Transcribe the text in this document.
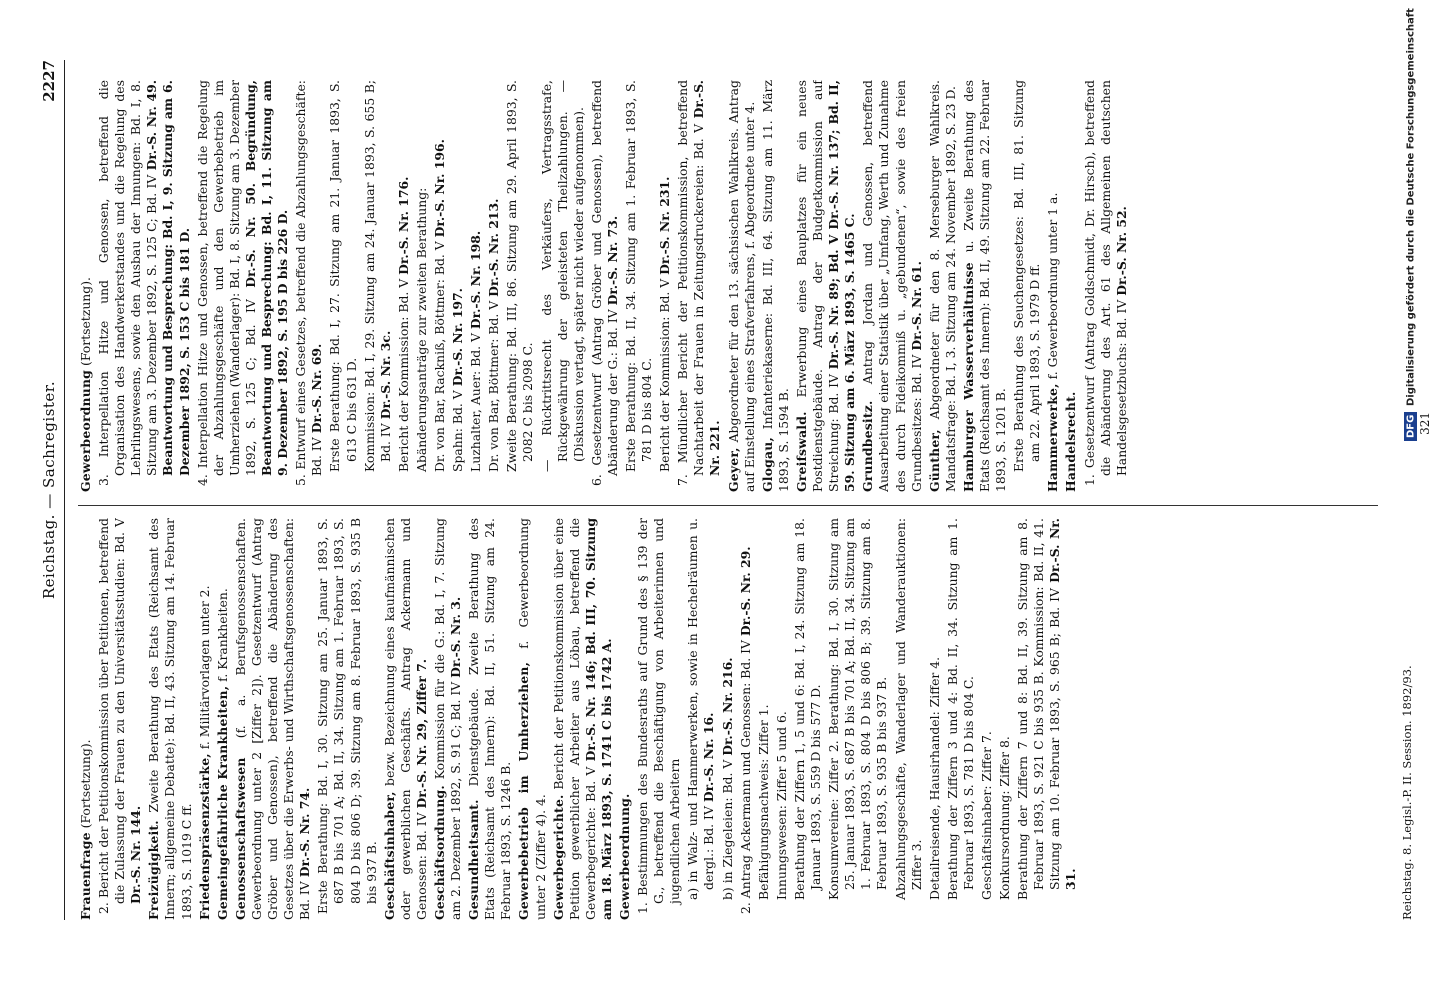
Reichstag. — Sachregister.
2227

Frauenfrage (Fortsetzung). 2. Bericht der Petitionskommission über Petitionen, betreffend die Zulassung der Frauen zu den Universitätsstudien: Bd. V Dr.-S. Nr. 144. Freizügigkeit. Zweite Berathung des Etats (Reichsamt des Innern; allgemeine Debatte): Bd. II, 43. Sitzung am 14. Februar 1893, S. 1019 C ff. Friedenspräsenzstärke, f. Militärvorlagen unter 2.

Gemeingefährliche Krankheiten, f. Krankheiten.

Genossenschaftswesen (f. a. Berufsgenossenschaften. Gewerbeordnung unter 2 [Ziffer 2]). Gesetzentwurf (Antrag Gröber und Genossen), betreffend die Abänderung des Gesetzes über die Erwerbs- und Wirthschaftsgenossenschaften: Bd. IV Dr.-S. Nr. 74. Erste Berathung: Bd. I, 30. Sitzung am 25. Januar 1893, S. 687 B bis 701 A; Bd. II, 34. Sitzung am 1. Februar 1893, S. 804 D bis 806 D; 39. Sitzung am 8. Februar 1893, S. 935 B bis 937 B. Geschäftsinhaber, bezw. Bezeichnung eines kaufmännischen oder gewerblichen Geschäfts. Antrag Ackermann und Genossen: Bd. IV Dr.-S. Nr. 29, Ziffer 7.

Geschäftsordnung. Kommission für die G.: Bd. I, 7. Sitzung am 2. Dezember 1892, S. 91 C; Bd. IV Dr.-S. Nr. 3.

Gesundheitsamt. Dienstgebäude. Zweite Berathung des Etats (Reichsamt des Innern): Bd. II, 51. Sitzung am 24. Februar 1893, S. 1246 B. Gewerbebetrieb im Umherziehen, f. Gewerbeordnung unter 2 (Ziffer 4). 4. Gewerbegerichte. Bericht der Petitionskommission über eine Petition gewerblicher Arbeiter aus Löbau, betreffend die Gewerbegerichte: Bd. V Dr.-S. Nr. 146; Bd. III, 70. Sitzung am 18. März 1893, S. 1741 C bis 1742 A. Gewerbeordnung. 1. Bestimmungen des Bundesraths auf Grund des § 139 der G., betreffend die Beschäftigung von Arbeiterinnen und jugendlichen Arbeitern a) in Walz- und Hammerwerken, sowie in Hechelräumen u. dergl.: Bd. IV Dr.-S. Nr. 16.

b) in Ziegeleien: Bd. V Dr.-S. Nr. 216. 2. Antrag Ackermann und Genossen: Bd. IV Dr.-S. Nr. 29.

Befähigungsnachweis: Ziffer 1. Innungswesen: Ziffer 5 und 6. Berathung der Ziffern 1, 5 und 6: Bd. I, 24. Sitzung am 18. Januar 1893, S. 559 D bis 577 D. Konsumvereine: Ziffer 2. Berathung: Bd. I, 30. Sitzung am 25. Januar 1893, S. 687 B bis 701 A; Bd. II, 34. Sitzung am 1. Februar 1893, S. 804 D bis 806 B; 39. Sitzung am 8. Februar 1893, S. 935 B bis 937 B. Abzahlungsgeschäfte, Wanderlager und Wanderauktionen: Ziffer 3. Detailreisende, Hausirhandel: Ziffer 4. Berathung der Ziffern 3 und 4: Bd. II, 34. Sitzung am 1. Februar 1893, S. 781 D bis 804 C. Geschäftsinhaber: Ziffer 7. Konkursordnung: Ziffer 8. Berathung der Ziffern 7 und 8: Bd. II, 39. Sitzung am 8. Februar 1893, S. 921 C bis 935 B. Kommission: Bd. II, 41. Sitzung am 10. Februar 1893, S. 965 B; Bd. IV Dr.-S. Nr. 31.

Gewerbeordnung (Fortsetzung). 3. Interpellation Hitze und Genossen, betreffend die Organisation des Handwerkerstandes und die Regelung des Lehrlingswesens, sowie den Ausbau der Innungen: Bd. I, 8. Sitzung am 3. Dezember 1892, S. 125 C; Bd. IV Dr.-S. Nr. 49. Beantwortung und Besprechung: Bd. I, 9. Sitzung am 6. Dezember 1892, S. 153 C bis 181 D. 4. Interpellation Hitze und Genossen, betreffend die Regelung der Abzahlungsgeschäfte und den Gewerbebetrieb im Umherziehen (Wanderlager): Bd. I, 8. Sitzung am 3. Dezember 1892, S. 125 C; Bd. IV Dr.-S. Nr. 50. Begründung, Beantwortung und Besprechung: Bd. I, 11. Sitzung am 9. Dezember 1892, S. 195 D bis 226 D. 5. Entwurf eines Gesetzes, betreffend die Abzahlungsgeschäfte: Bd. IV Dr.-S. Nr. 69. Erste Berathung: Bd. I, 27. Sitzung am 21. Januar 1893, S. 613 C bis 631 D. Kommission: Bd. I, 29. Sitzung am 24. Januar 1893, S. 655 B; Bd. IV Dr.-S. Nr. 3c. Bericht der Kommission: Bd. V Dr.-S. Nr. 176. Abänderungsanträge zur zweiten Berathung: Dr. von Bar, Rackniß, Böttmer: Bd. V Dr.-S. Nr. 196.

Spahn: Bd. V Dr.-S. Nr. 197. Luzhalter, Auer: Bd. V Dr.-S. Nr. 198.

Dr. von Bar, Böttmer: Bd. V Dr.-S. Nr. 213. Zweite Berathung: Bd. III, 86. Sitzung am 29. April 1893, S. 2082 C bis 2098 C. — Rücktrittsrecht des Verkäufers, Vertragsstrafe, Rückgewährung der geleisteten Theilzahlungen. — (Diskussion vertagt, später nicht wieder aufgenommen). 6. Gesetzentwurf (Antrag Gröber und Genossen), betreffend Abänderung der G.: Bd. IV Dr.-S. Nr. 73. Erste Berathung: Bd. II, 34. Sitzung am 1. Februar 1893, S. 781 D bis 804 C. Bericht der Kommission: Bd. V Dr.-S. Nr. 231. 7. Mündlicher Bericht der Petitionskommission, betreffend Nachtarbeit der Frauen in Zeitungsdruckereien: Bd. V Dr.-S. Nr. 221. Geyer, Abgeordneter für den 13. sächsischen Wahlkreis. Antrag auf Einstellung eines Strafverfahrens, f. Abgeordnete unter 4. Glogau, Infanteriekaserne: Bd. III, 64. Sitzung am 11. März 1893, S. 1594 B. Greifswald. Erwerbung eines Bauplatzes für ein neues Postdienstgebäude. Antrag der Budgetkommission auf Streichung: Bd. IV Dr.-S. Nr. 89; Bd. V Dr.-S. Nr. 137; Bd. II, 59. Sitzung am 6. März 1893, S. 1465 C. Grundbesitz. Antrag Jordan und Genossen, betreffend Ausarbeitung einer Statistik über „Umfang, Werth und Zunahme des durch Fideikommiß u. „gebundenen“, sowie des freien Grundbesitzes: Bd. IV Dr.-S. Nr. 61.

Günther, Abgeordneter für den 8. Merseburger Wahlkreis. Mandatsfrage: Bd. I, 3. Sitzung am 24. November 1892, S. 23 D. Hamburger Wasserverhältnisse u. Zweite Berathung des Etats (Reichsamt des Innern): Bd. II, 49. Sitzung am 22. Februar 1893, S. 1201 B. Erste Berathung des Seuchengesetzes: Bd. III, 81. Sitzung am 22. April 1893, S. 1979 D ff. Hammerwerke, f. Gewerbeordnung unter 1 a.

Handelsrecht. 1. Gesetzentwurf (Antrag Goldschmidt, Dr. Hirsch), betreffend die Abänderung des Art. 61 des Allgemeinen deutschen Handelsgesetzbuchs: Bd. IV Dr.-S. Nr. 52.

Reichstag. 8. Legisl.-P. II. Session. 1892/93.
321
DFG
Digitalisierung gefördert durch die Deutsche Forschungsgemeinschaft
